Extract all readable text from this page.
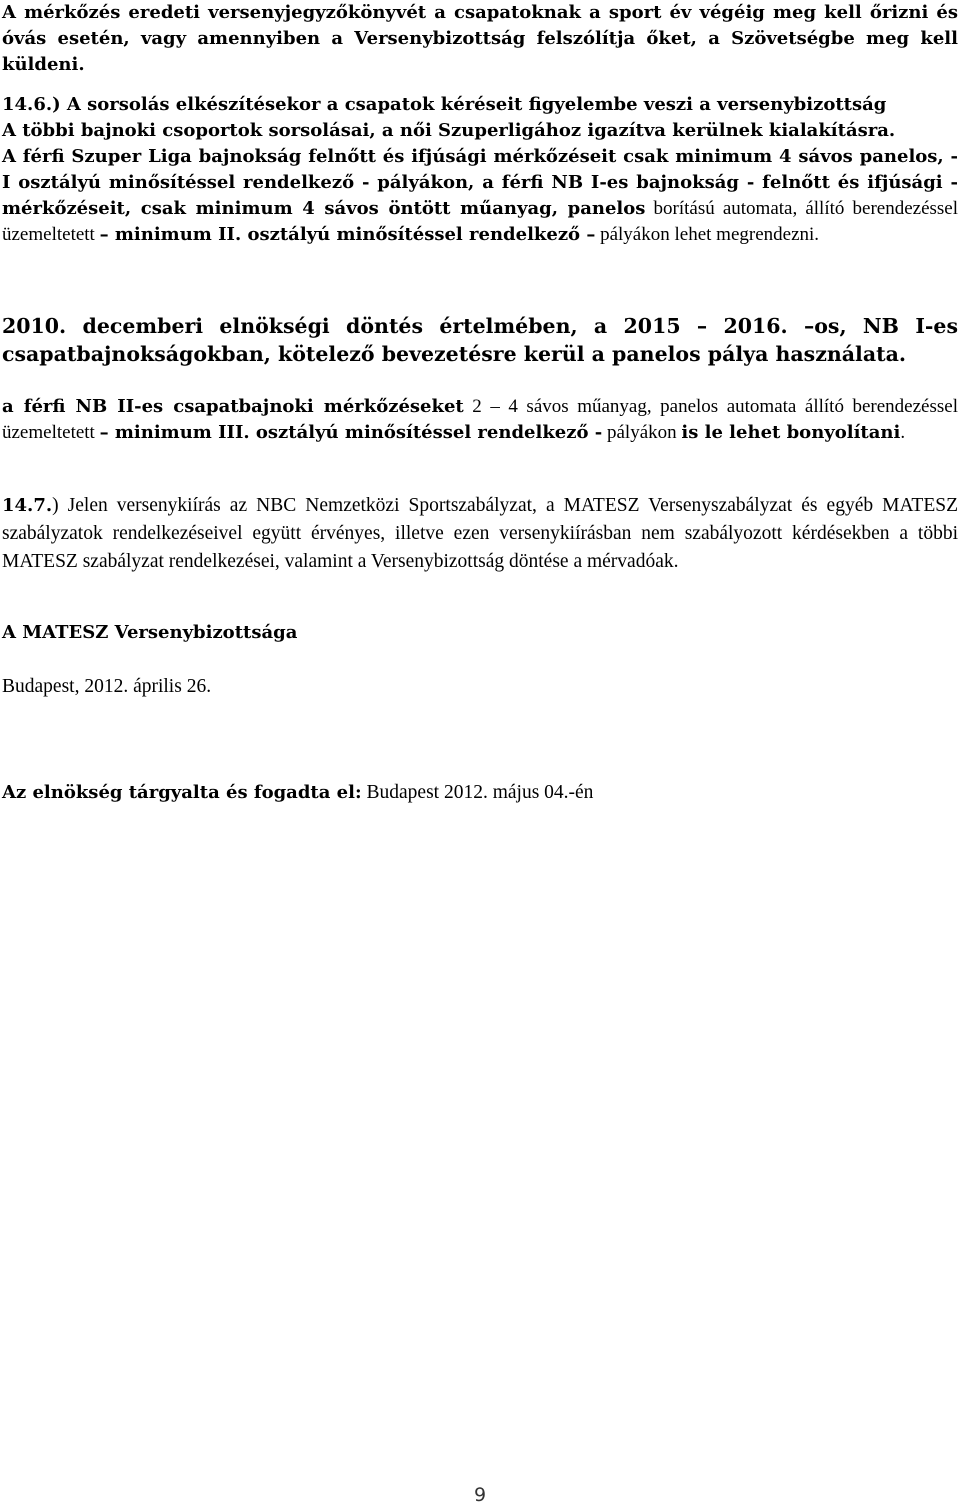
A mérkőzés eredeti versenyjegyzőkönyvét a csapatoknak a sport év végéig meg kell őrizni és óvás esetén, vagy amennyiben a Versenybizottság felszólítja őket, a Szövetségbe meg kell küldeni.

14.6.) A sorsolás elkészítésekor a csapatok kéréseit figyelembe veszi a versenybizottság
A többi bajnoki csoportok sorsolásai, a női Szuperligához igazítva kerülnek kialakításra.
A férfi Szuper Liga bajnokság felnőtt és ifjúsági mérkőzéseit csak minimum 4 sávos panelos, - I osztályú minősítéssel rendelkező - pályákon, a férfi NB I-es bajnokság - felnőtt és ifjúsági - mérkőzéseit, csak minimum 4 sávos öntött műanyag, panelos borítású automata, állító berendezéssel üzemeltetett – minimum II. osztályú minősítéssel rendelkező – pályákon lehet megrendezni.

2010. decemberi elnökségi döntés értelmében, a 2015 – 2016. –os, NB I-es csapatbajnokságokban, kötelező bevezetésre kerül a panelos pálya használata.

a férfi NB II-es csapatbajnoki mérkőzéseket 2 – 4 sávos műanyag, panelos automata állító berendezéssel üzemeltetett – minimum III. osztályú minősítéssel rendelkező - pályákon is le lehet bonyolítani.

14.7.) Jelen versenykiírás az NBC Nemzetközi Sportszabályzat, a MATESZ Versenyszabályzat és egyéb MATESZ szabályzatok rendelkezéseivel együtt érvényes, illetve ezen versenykiírásban nem szabályozott kérdésekben a többi MATESZ szabályzat rendelkezései, valamint a Versenybizottság döntése a mérvadóak.

A MATESZ Versenybizottsága

Budapest, 2012. április 26.

Az elnökség tárgyalta és fogadta el: Budapest 2012. május 04.-én

9
